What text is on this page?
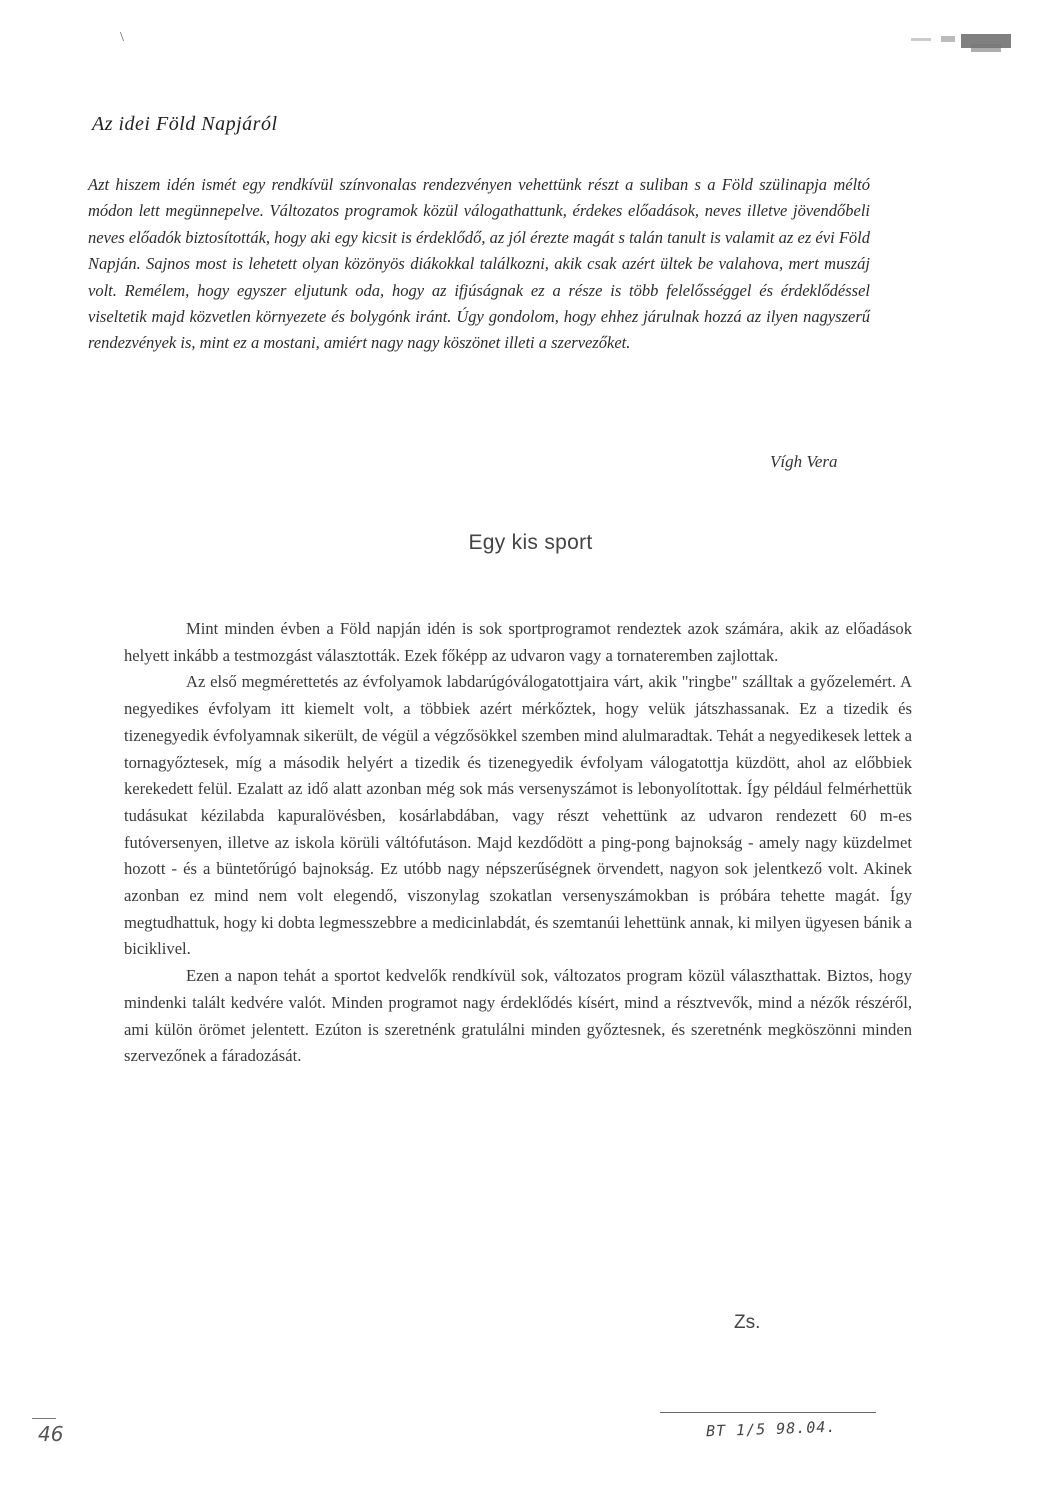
\
Az idei Föld Napjáról
Azt hiszem idén ismét egy rendkívül színvonalas rendezvényen vehettünk részt a suliban s a Föld szülinapja méltó módon lett megünnepelve. Változatos programok közül válogathattunk, érdekes előadások, neves illetve jövendőbeli neves előadók biztosították, hogy aki egy kicsit is érdeklődő, az jól érezte magát s talán tanult is valamit az ez évi Föld Napján. Sajnos most is lehetett olyan közönyös diákokkal találkozni, akik csak azért ültek be valahova, mert muszáj volt. Remélem, hogy egyszer eljutunk oda, hogy az ifjúságnak ez a része is több felelősséggel és érdeklődéssel viseltetik majd közvetlen környezete és bolygónk iránt. Úgy gondolom, hogy ehhez járulnak hozzá az ilyen nagyszerű rendezvények is, mint ez a mostani, amiért nagy nagy köszönet illeti a szervezőket.
Vígh Vera
Egy kis sport

Mint minden évben a Föld napján idén is sok sportprogramot rendeztek azok számára, akik az előadások helyett inkább a testmozgást választották. Ezek főképp az udvaron vagy a tornateremben zajlottak.

Az első megmérettetés az évfolyamok labdarúgóválogatottjaira várt, akik "ringbe" szálltak a győzelemért. A negyedikes évfolyam itt kiemelt volt, a többiek azért mérkőztek, hogy velük játszhassanak. Ez a tizedik és tizenegyedik évfolyamnak sikerült, de végül a végzősökkel szemben mind alulmaradtak. Tehát a negyedikesek lettek a tornagyőztesek, míg a második helyért a tizedik és tizenegyedik évfolyam válogatottja küzdött, ahol az előbbiek kerekedett felül. Ezalatt az idő alatt azonban még sok más versenyszámot is lebonyolítottak. Így például felmérhettük tudásukat kézilabda kapuralövésben, kosárlabdában, vagy részt vehettünk az udvaron rendezett 60 m-es futóversenyen, illetve az iskola körüli váltófutáson. Majd kezdődött a ping-pong bajnokság - amely nagy küzdelmet hozott - és a büntetőrúgó bajnokság. Ez utóbb nagy népszerűségnek örvendett, nagyon sok jelentkező volt. Akinek azonban ez mind nem volt elegendő, viszonylag szokatlan versenyszámokban is próbára tehette magát. Így megtudhattuk, hogy ki dobta legmesszebbre a medicinlabdát, és szemtanúi lehettünk annak, ki milyen ügyesen bánik a biciklivel.

Ezen a napon tehát a sportot kedvelők rendkívül sok, változatos program közül választhattak. Biztos, hogy mindenki talált kedvére valót. Minden programot nagy érdeklődés kísért, mind a résztvevők, mind a nézők részéről, ami külön örömet jelentett. Ezúton is szeretnénk gratulálni minden győztesnek, és szeretnénk megköszönni minden szervezőnek a fáradozását.

Zs.
46	BT 1/5 98.04.
